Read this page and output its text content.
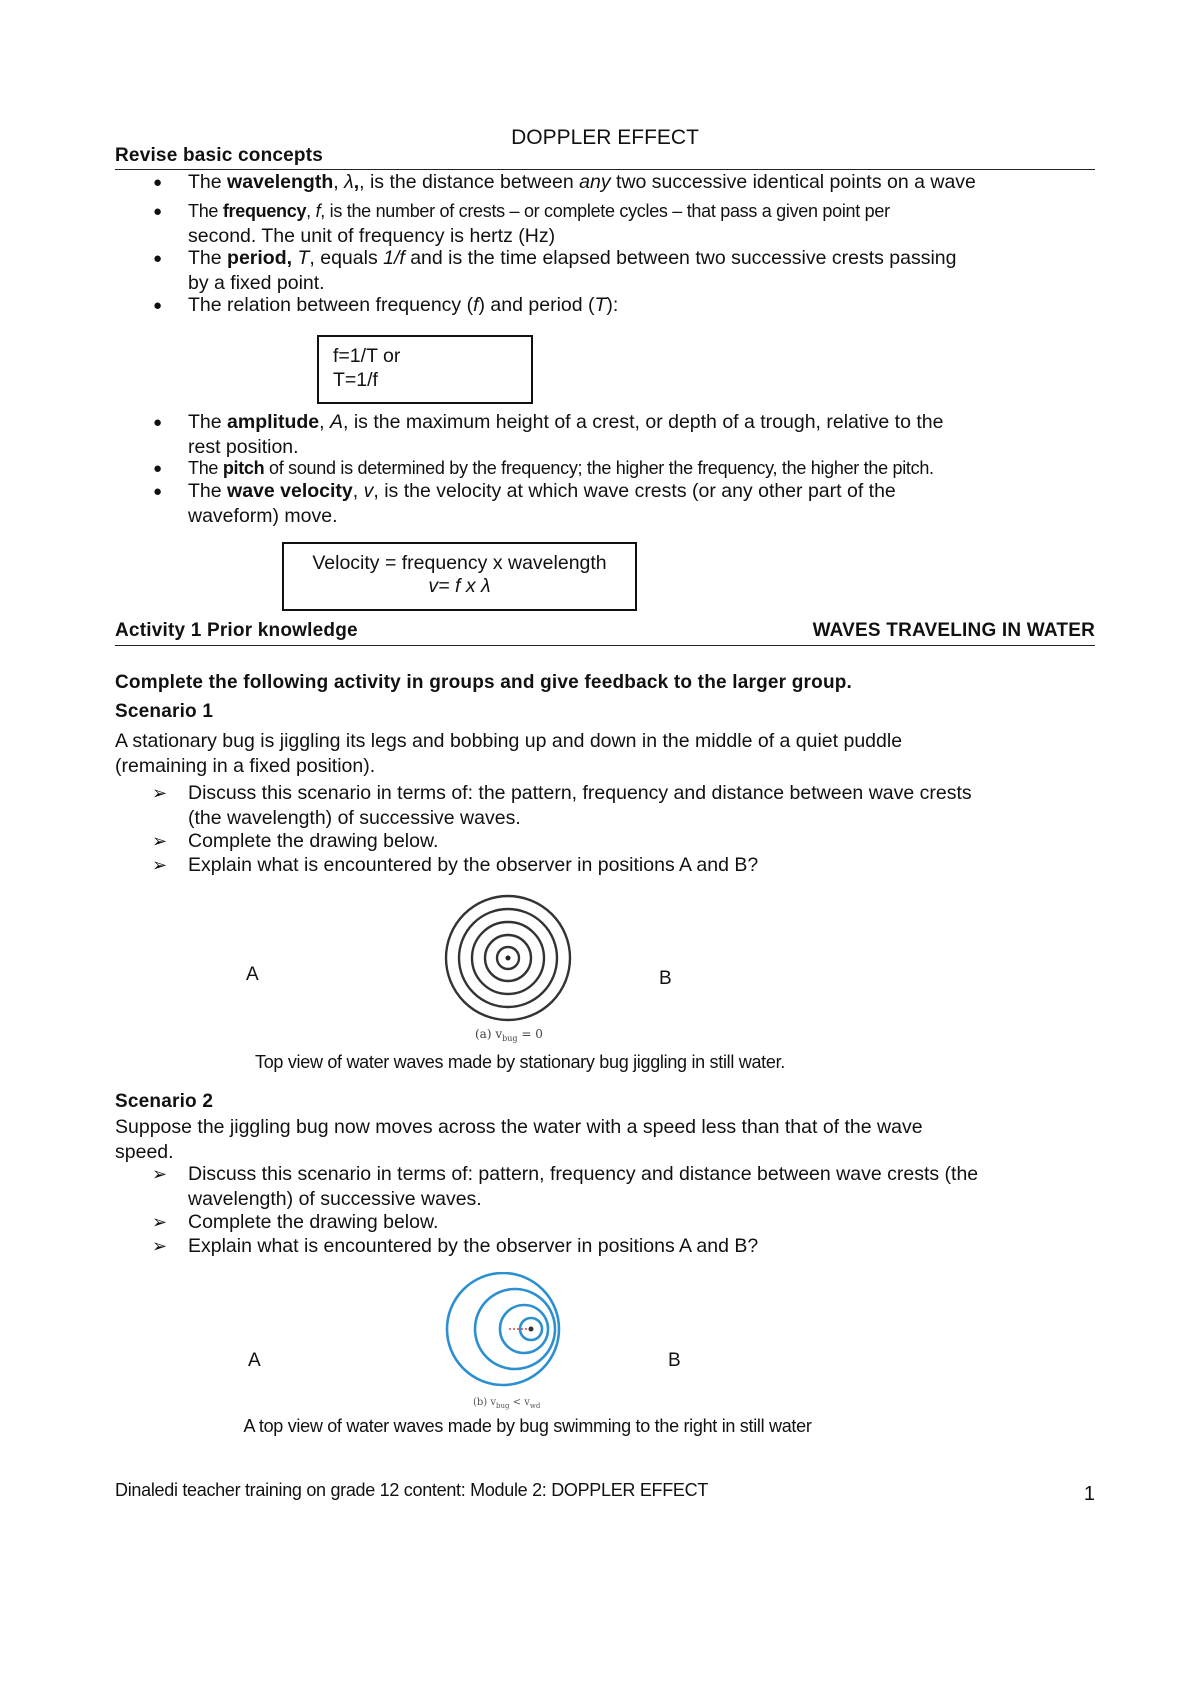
DOPPLER EFFECT
Revise basic concepts
● The wavelength, λ,, is the distance between any two successive identical points on a wave
● The frequency, f, is the number of crests – or complete cycles – that pass a given point per
second. The unit of frequency is hertz (Hz)
● The period, T, equals 1/f and is the time elapsed between two successive crests passing
by a fixed point.
● The relation between frequency (f) and period (T):
f=1/T or
T=1/f
● The amplitude, A, is the maximum height of a crest, or depth of a trough, relative to the
rest position.
● The pitch of sound is determined by the frequency; the higher the frequency, the higher the pitch.
● The wave velocity, v, is the velocity at which wave crests (or any other part of the
waveform) move.
Velocity = frequency x wavelength
v= f x λ
Activity 1 Prior knowledge	WAVES TRAVELING IN WATER
Complete the following activity in groups and give feedback to the larger group.
Scenario 1
A stationary bug is jiggling its legs and bobbing up and down in the middle of a quiet puddle
(remaining in a fixed position).
➢ Discuss this scenario in terms of: the pattern, frequency and distance between wave crests
(the wavelength) of successive waves.
➢ Complete the drawing below.
➢ Explain what is encountered by the observer in positions A and B?
A	B
(a) $v_{bug} = 0$
Top view of water waves made by stationary bug jiggling in still water.
Scenario 2
Suppose the jiggling bug now moves across the water with a speed less than that of the wave
speed.
➢ Discuss this scenario in terms of: pattern, frequency and distance between wave crests (the
wavelength) of successive waves.
➢ Complete the drawing below.
➢ Explain what is encountered by the observer in positions A and B?
A	B
(b) $v_{bug} < v_{wd}$
A top view of water waves made by bug swimming to the right in still water
Dinaledi teacher training on grade 12 content: Module 2: DOPPLER EFFECT	1
